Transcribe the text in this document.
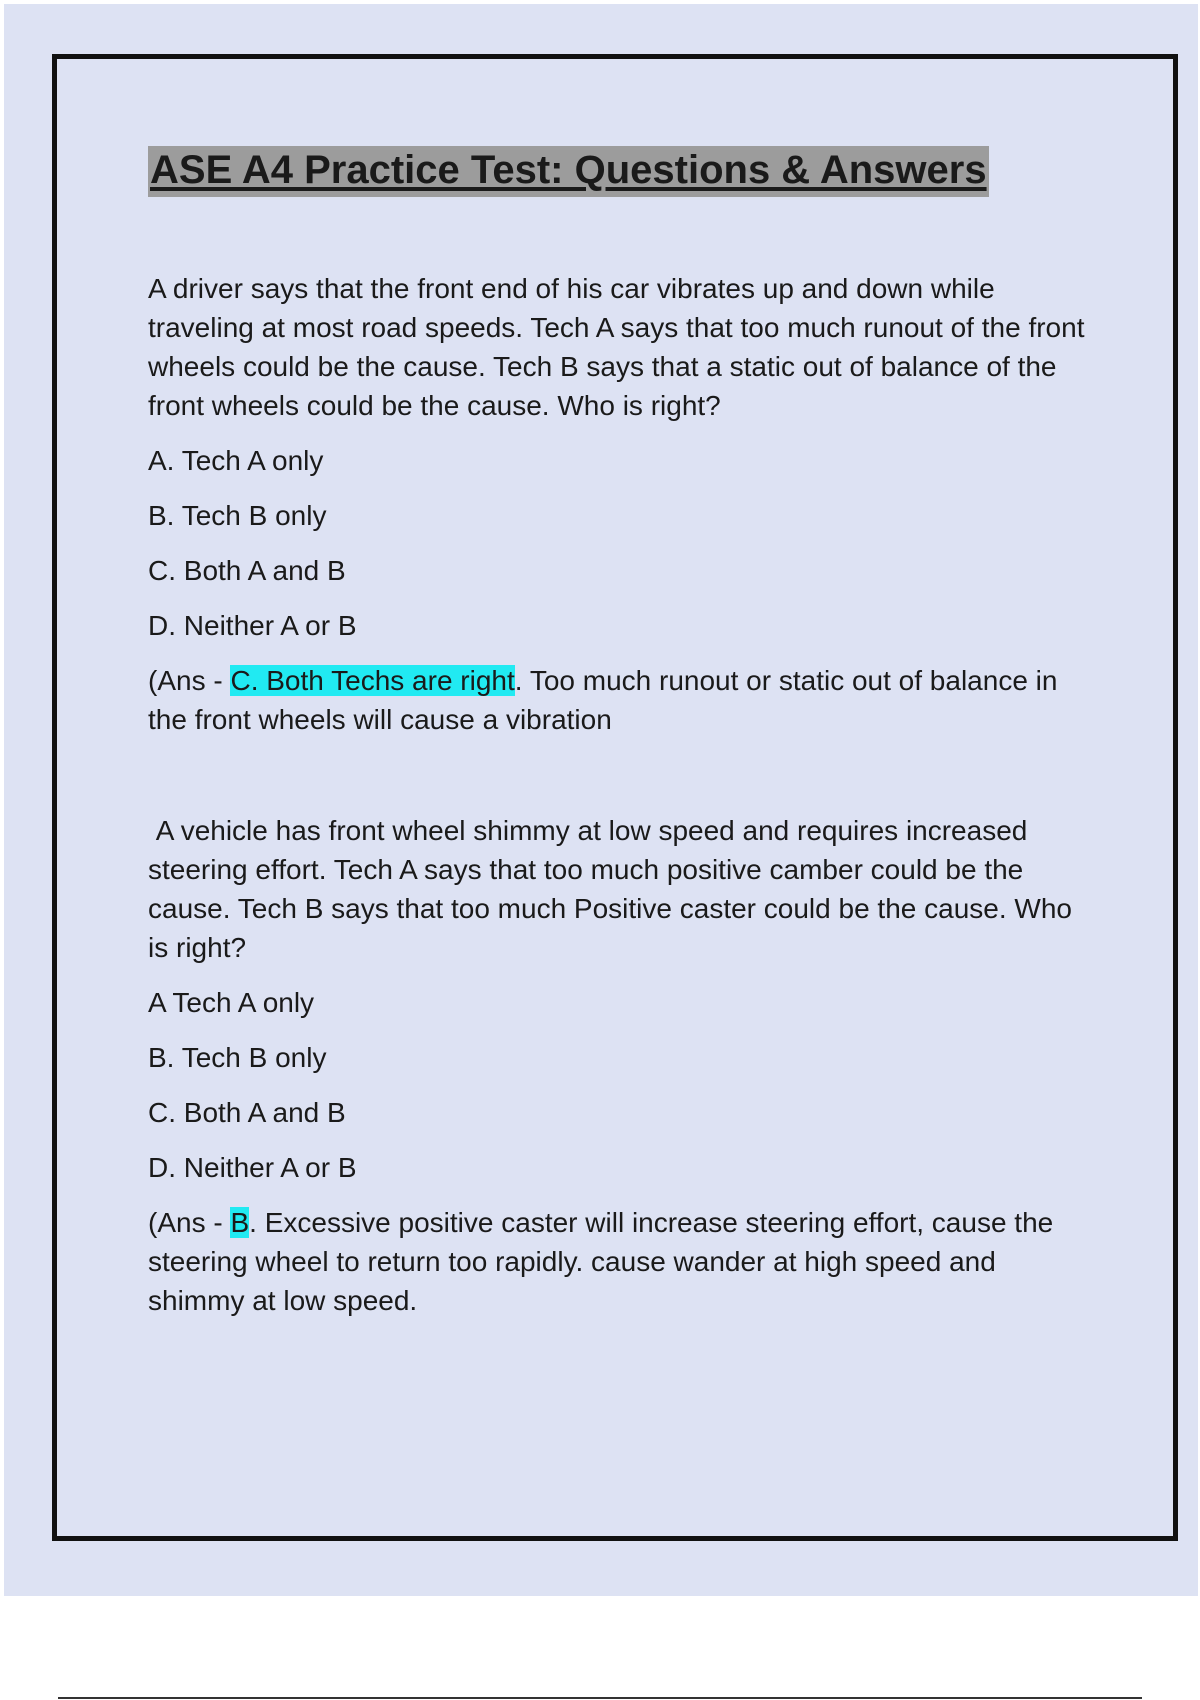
ASE A4 Practice Test: Questions & Answers

A driver says that the front end of his car vibrates up and down while traveling at most road speeds. Tech A says that too much runout of the front wheels could be the cause. Tech B says that a static out of balance of the front wheels could be the cause. Who is right?

A. Tech A only

B. Tech B only

C. Both A and B

D. Neither A or B

(Ans - C. Both Techs are right. Too much runout or static out of balance in the front wheels will cause a vibration

A vehicle has front wheel shimmy at low speed and requires increased steering effort. Tech A says that too much positive camber could be the cause. Tech B says that too much Positive caster could be the cause. Who is right?

A Tech A only

B. Tech B only

C. Both A and B

D. Neither A or B

(Ans - B. Excessive positive caster will increase steering effort, cause the steering wheel to return too rapidly. cause wander at high speed and shimmy at low speed.
